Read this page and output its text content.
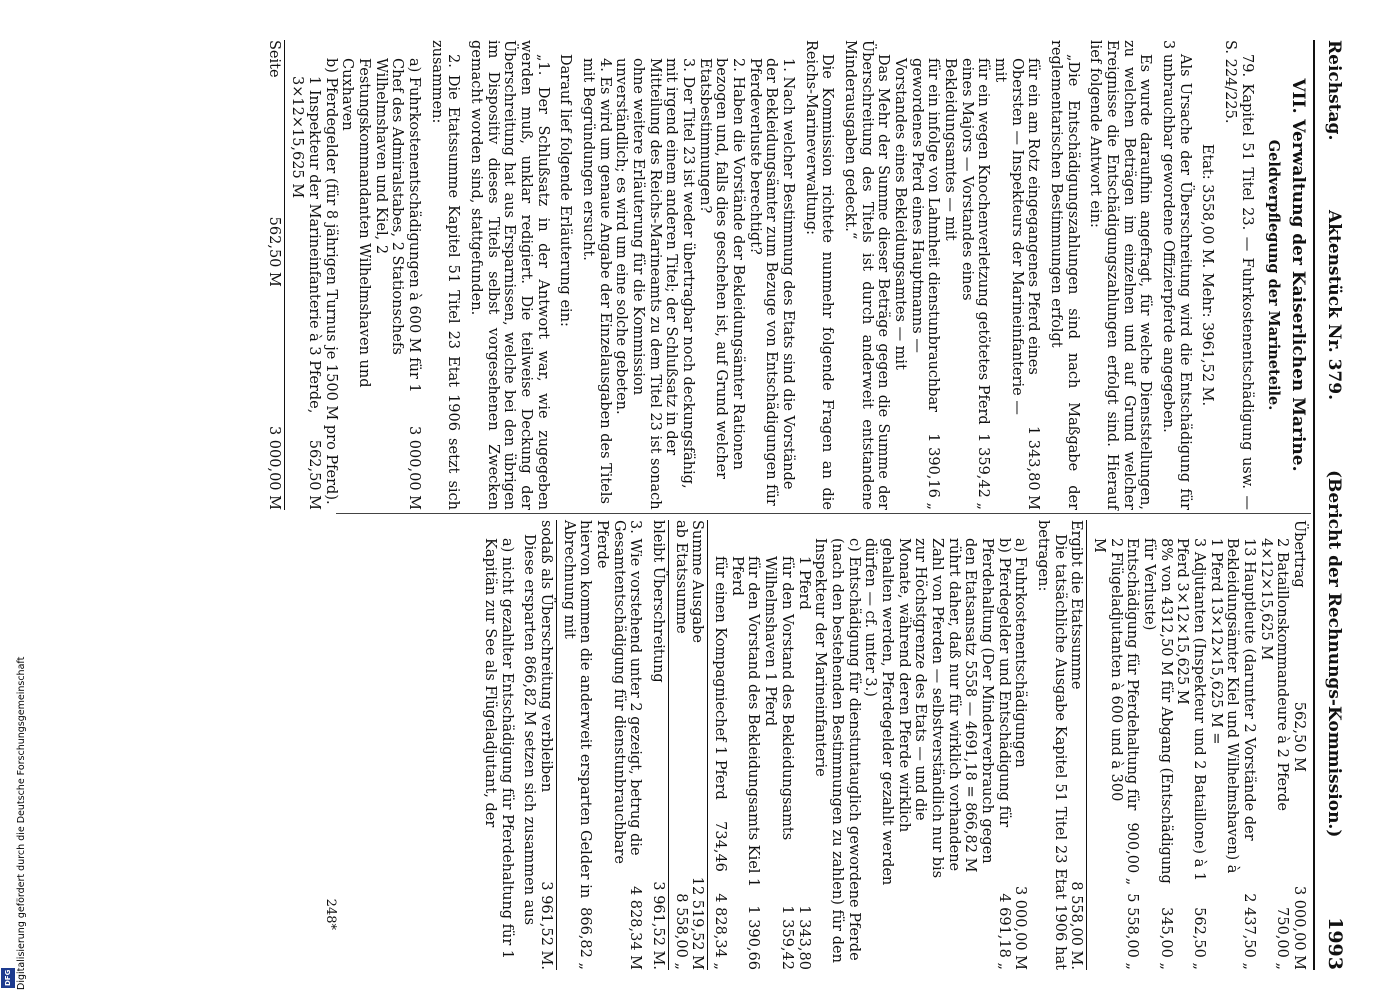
Reichstag.
Aktenstück Nr. 379.
(Bericht der Rechnungs-Kommission.)
1993
VII. Verwaltung der Kaiserlichen Marine.
Geldverpflegung der Marineteile.

79. Kapitel 51 Titel 23. — Fuhrkostenentschädigung usw. — S. 224/225.

Etat: 3558,00 M. Mehr: 3961,52 M.

Als Ursache der Überschreitung wird die Entschädigung für 3 unbrauchbar gewordene Offizierpferde angegeben.

Es wurde daraufhin angefragt, für welche Dienststellungen, zu welchen Beträgen im einzelnen und auf Grund welcher Ereignisse die Entschädigungszahlungen erfolgt sind. Hierauf lief folgende Antwort ein:

„Die Entschädigungszahlungen sind nach Maßgabe der reglementarischen Bestimmungen erfolgt

für ein am Rotz eingegangenes Pferd eines Obersten — Inspekteurs der Marineinfanterie — mit
1 343,80 M
für ein wegen Knochenverletzung getötetes Pferd eines Majors — Vorstandes eines Bekleidungsamtes — mit
1 359,42 „
für ein infolge von Lahmheit dienstunbrauchbar gewordenes Pferd eines Hauptmanns — Vorstandes eines Bekleidungsamtes — mit
1 390,16 „

Das Mehr der Summe dieser Beträge gegen die Summe der Überschreitung des Titels ist durch anderweit entstandene Minderausgaben gedeckt.“

Die Kommission richtete nunmehr folgende Fragen an die Reichs-Marineverwaltung:

1. Nach welcher Bestimmung des Etats sind die Vorstände der Bekleidungsämter zum Bezuge von Entschädigungen für Pferdeverluste berechtigt?
2. Haben die Vorstände der Bekleidungsämter Rationen bezogen und, falls dies geschehen ist, auf Grund welcher Etatsbestimmungen?
3. Der Titel 23 ist weder übertragbar noch deckungsfähig, mit irgend einem anderen Titel; der Schlußsatz in der Mitteilung des Reichs-Marineamts zu dem Titel 23 ist sonach ohne weitere Erläuterung für die Kommission unverständlich; es wird um eine solche gebeten.
4. Es wird um genaue Angabe der Einzelausgaben des Titels mit Begründungen ersucht.

Darauf lief folgende Erläuterung ein:

„1. Der Schlußsatz in der Antwort war, wie zugegeben werden muß, unklar redigiert. Die teilweise Deckung der Überschreitung hat aus Ersparnissen, welche bei den übrigen im Dispositiv dieses Titels selbst vorgesehenen Zwecken gemacht worden sind, stattgefunden.

2. Die Etatssumme Kapitel 51 Titel 23 Etat 1906 setzt sich zusammen:

a) Fuhrkostenentschädigungen à 600 M für 1 Chef des Admiralstabes, 2 Stationschefs Wilhelmshaven und Kiel, 2 Festungskommandanten Wilhelmshaven und Cuxhaven
3 000,00 M
b) Pferdegelder (für 8 jährigen Turnus je 1500 M pro Pferd).
1 Inspekteur der Marineinfanterie à 3 Pferde, 3×12×15,625 M
562,50 M
Seite
562,50 M
3 000,00 M
Übertrag
562,50 M
3 000,00 M
2 Bataillonskommandeure à 2 Pferde 4×12×15,625 M
750,00 „
13 Hauptleute (darunter 2 Vorstände der Bekleidungsämter Kiel und Wilhelmshaven) à 1 Pferd 13×12×15,625 M =
2 437,50 „
3 Adjutanten (Inspekteur und 2 Bataillone) à 1 Pferd 3×12×15,625 M
562,50 „
8% von 4312,50 M für Abgang (Entschädigung für Verluste)
345,00 „
Entschädigung für Pferdehaltung für 2 Flügeladjutanten à 600 und à 300 M
900,00 „
5 558,00 „
Ergibt die Etatssumme
8 558,00 M.

Die tatsächliche Ausgabe Kapitel 51 Titel 23 Etat 1906 hat betragen:

a) Fuhrkostenentschädigungen
3 000,00 M
b) Pferdegelder und Entschädigung für Pferdehaltung (Der Minderverbrauch gegen den Etatsansatz 5558 — 4691,18 = 866,82 M rührt daher, daß nur für wirklich vorhandene Zahl von Pferden — selbstverständlich nur bis zur Höchstgrenze des Etats — und die Monate, während deren Pferde wirklich gehalten werden, Pferdegelder gezahlt werden dürfen — cf. unter 3.)
4 691,18 „
c) Entschädigung für dienstuntauglich gewordene Pferde (nach den bestehenden Bestimmungen zu zahlen) für den Inspekteur der Marineinfanterie
1 Pferd
1 343,80
für den Vorstand des Bekleidungsamts Wilhelmshaven 1 Pferd
1 359,42
für den Vorstand des Bekleidungsamts Kiel 1 Pferd
1 390,66
für einen Kompagniechef 1 Pferd
734,46
4 828,34 „
Summe Ausgabe
12 519,52 M
ab Etatssumme
8 558,00 „
bleibt Überschreitung
3 961,52 M.
3. Wie vorstehend unter 2 gezeigt, betrug die Gesamtentschädigung für dienstunbrauchbare Pferde
4 828,34 M
hiervon kommen die anderweit ersparten Gelder in Abrechnung mit
866,82 „
sodaß als Überschreitung verbleiben
3 961,52 M.

Diese ersparten 866,82 M setzen sich zusammen aus

a) nicht gezahlter Entschädigung für Pferdehaltung für 1 Kapitän zur See als Flügeladjutant, der
248*
Digitalisierung gefördert durch die Deutsche Forschungsgemeinschaft
DFG
